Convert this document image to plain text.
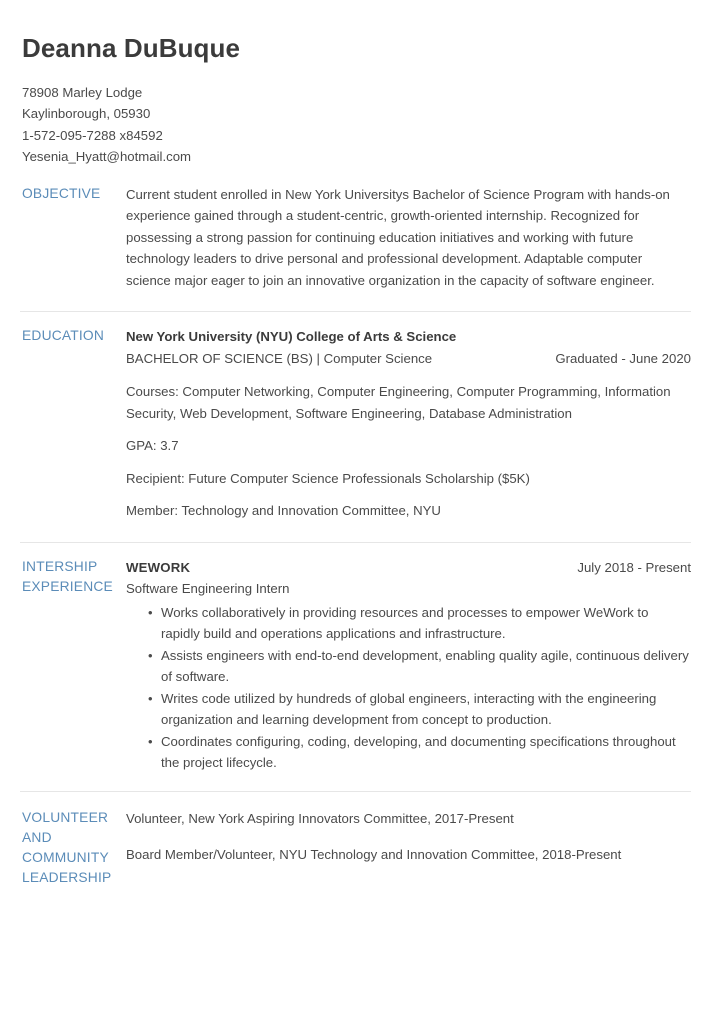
Deanna DuBuque
78908 Marley Lodge
Kaylinborough, 05930
1-572-095-7288 x84592
Yesenia_Hyatt@hotmail.com
OBJECTIVE	Current student enrolled in New York Universitys Bachelor of Science Program with hands-on experience gained through a student-centric, growth-oriented internship. Recognized for possessing a strong passion for continuing education initiatives and working with future technology leaders to drive personal and professional development. Adaptable computer science major eager to join an innovative organization in the capacity of software engineer.

EDUCATION	New York University (NYU) College of Arts & Science
BACHELOR OF SCIENCE (BS) | Computer Science	Graduated - June 2020
Courses: Computer Networking, Computer Engineering, Computer Programming, Information Security, Web Development, Software Engineering, Database Administration
GPA: 3.7
Recipient: Future Computer Science Professionals Scholarship ($5K)
Member: Technology and Innovation Committee, NYU
INTERSHIP
EXPERIENCE
WEWORK	July 2018 - Present
Software Engineering Intern
• Works collaboratively in providing resources and processes to empower WeWork to rapidly build and operations applications and infrastructure.
• Assists engineers with end-to-end development, enabling quality agile, continuous delivery of software.
• Writes code utilized by hundreds of global engineers, interacting with the engineering organization and learning development from concept to production.
• Coordinates configuring, coding, developing, and documenting specifications throughout the project lifecycle.
VOLUNTEER
AND
COMMUNITY
LEADERSHIP
Volunteer, New York Aspiring Innovators Committee, 2017-Present
Board Member/Volunteer, NYU Technology and Innovation Committee, 2018-Present
